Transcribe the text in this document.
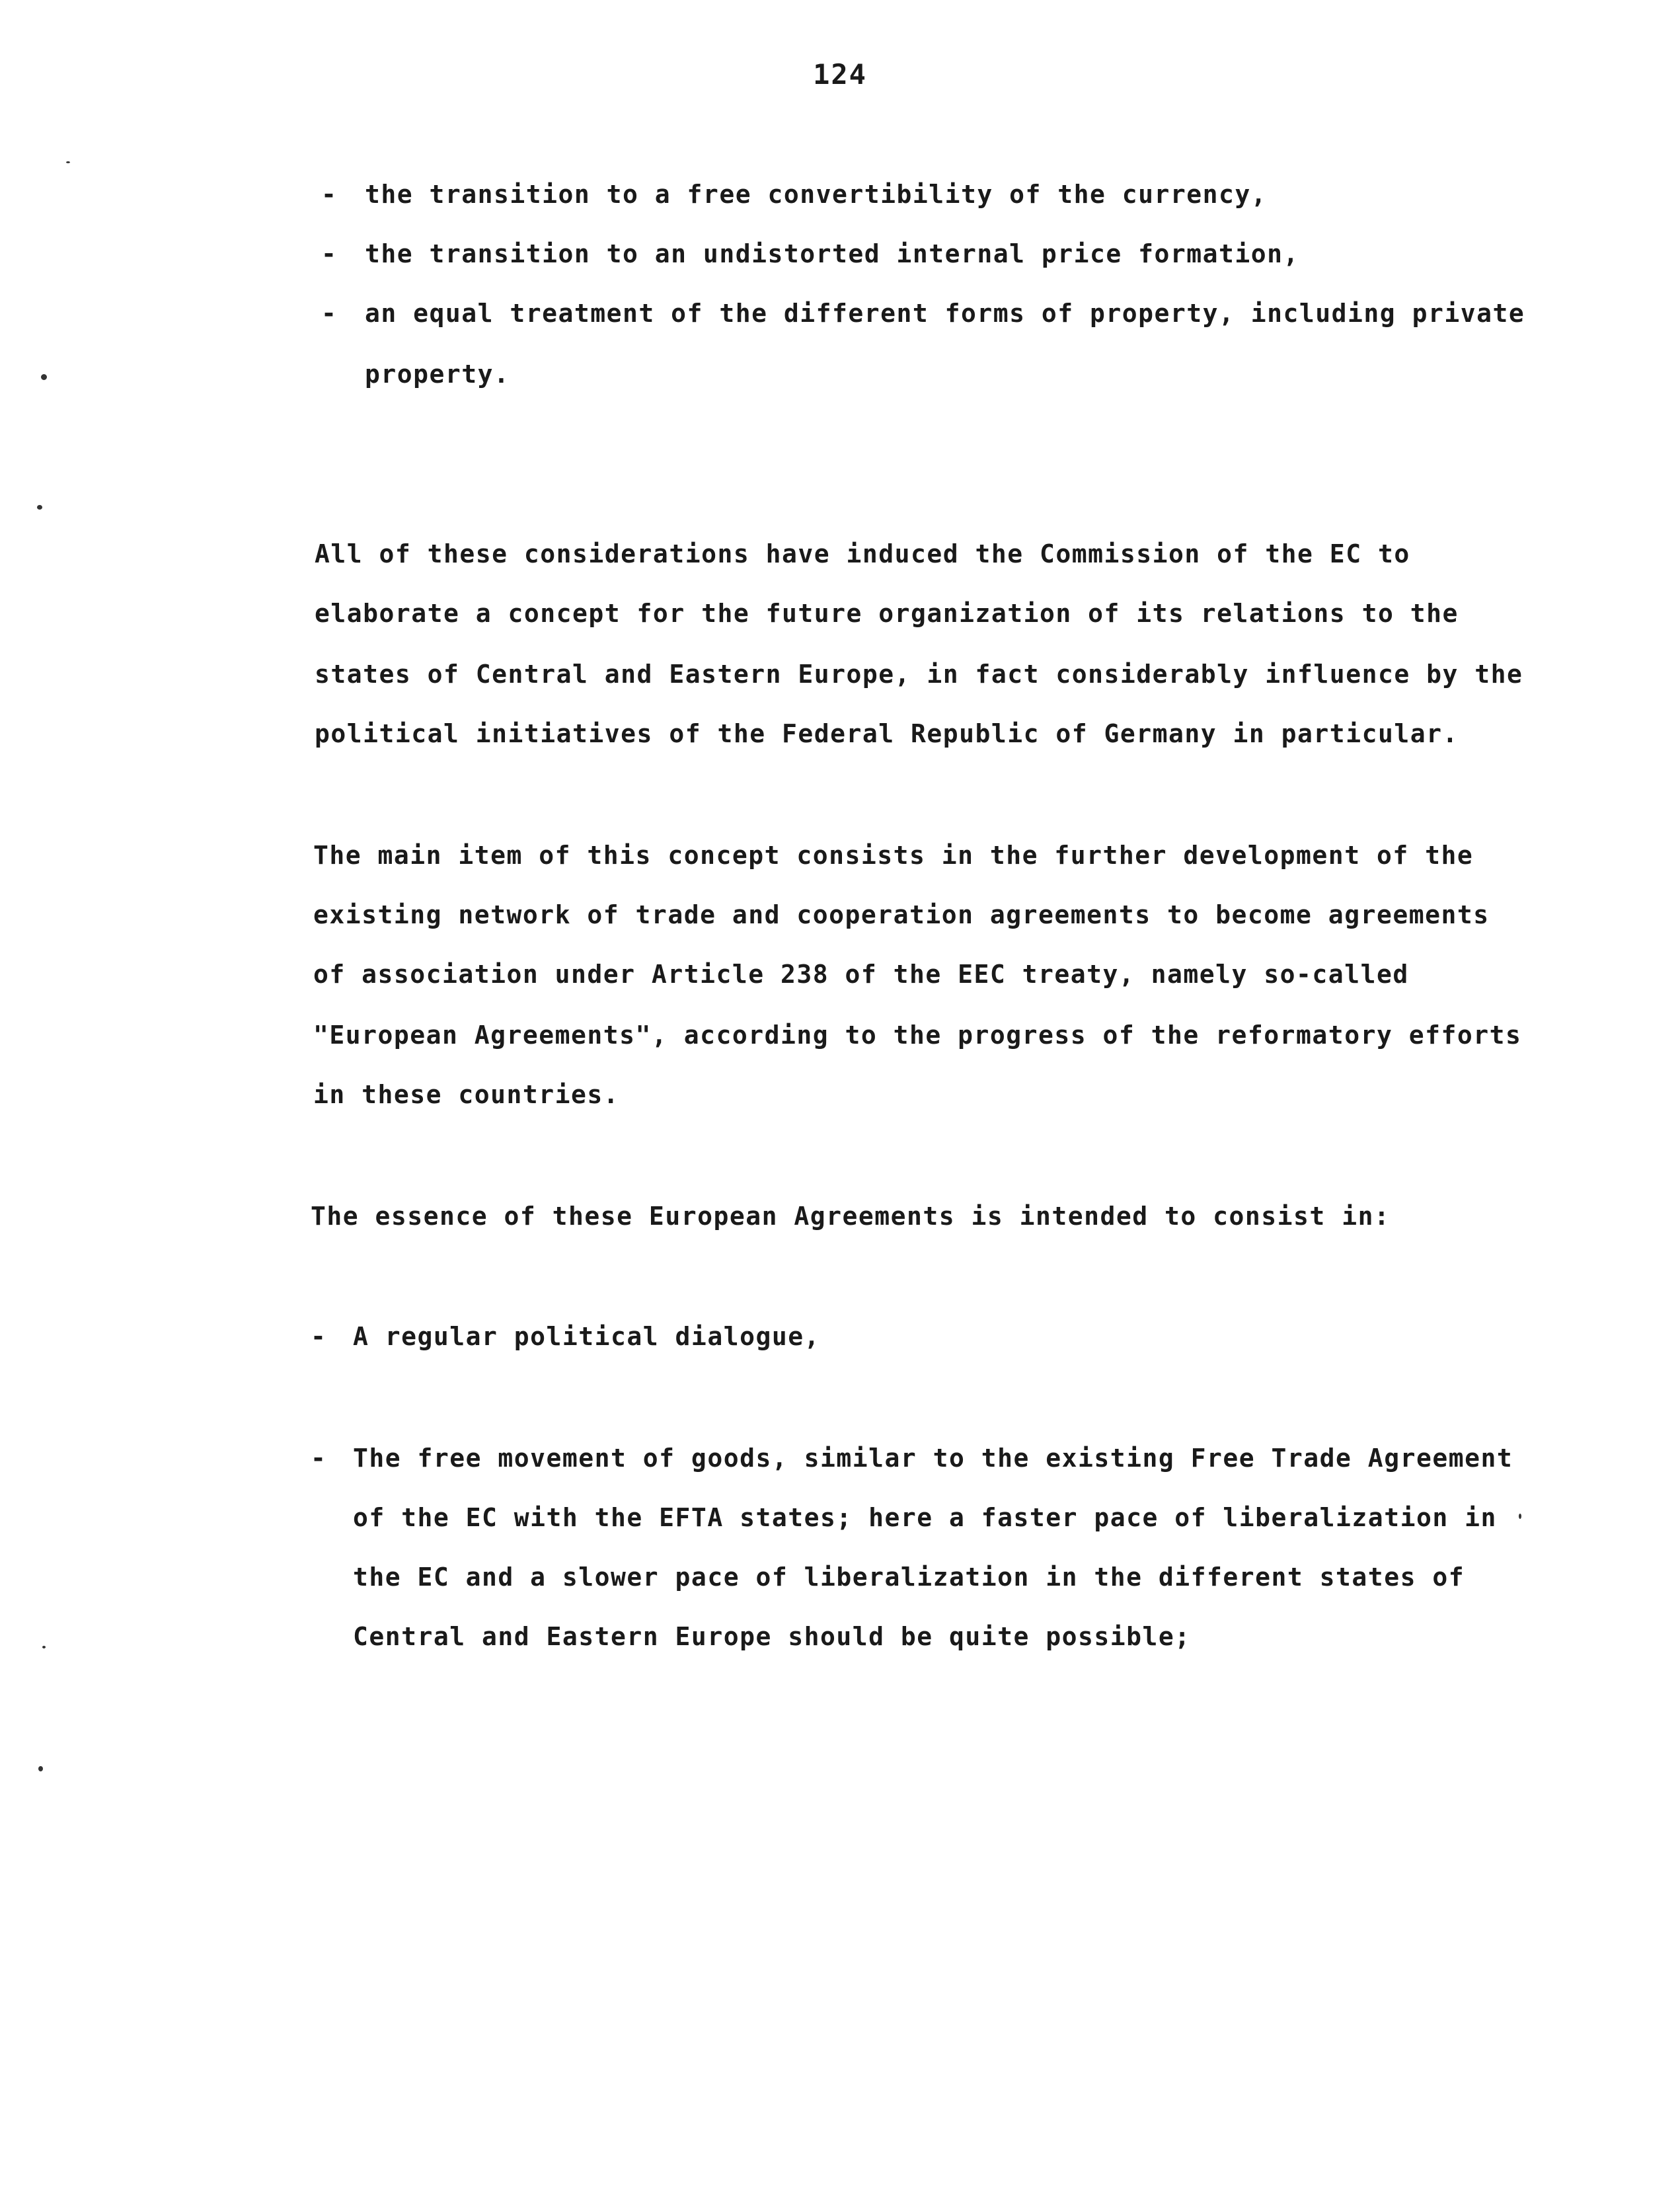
124
- the transition to a free convertibility of the currency,
- the transition to an undistorted internal price formation,
- an equal treatment of the different forms of property, including private
property.
All of these considerations have induced the Commission of the EC to
elaborate a concept for the future organization of its relations to the
states of Central and Eastern Europe, in fact considerably influence by the
political initiatives of the Federal Republic of Germany in particular.
The main item of this concept consists in the further development of the
existing network of trade and cooperation agreements to become agreements
of association under Article 238 of the EEC treaty, namely so-called
"European Agreements", according to the progress of the reformatory efforts
in these countries.
The essence of these European Agreements is intended to consist in:
- A regular political dialogue,
- The free movement of goods, similar to the existing Free Trade Agreement
of the EC with the EFTA states; here a faster pace of liberalization in
the EC and a slower pace of liberalization in the different states of
Central and Eastern Europe should be quite possible;
